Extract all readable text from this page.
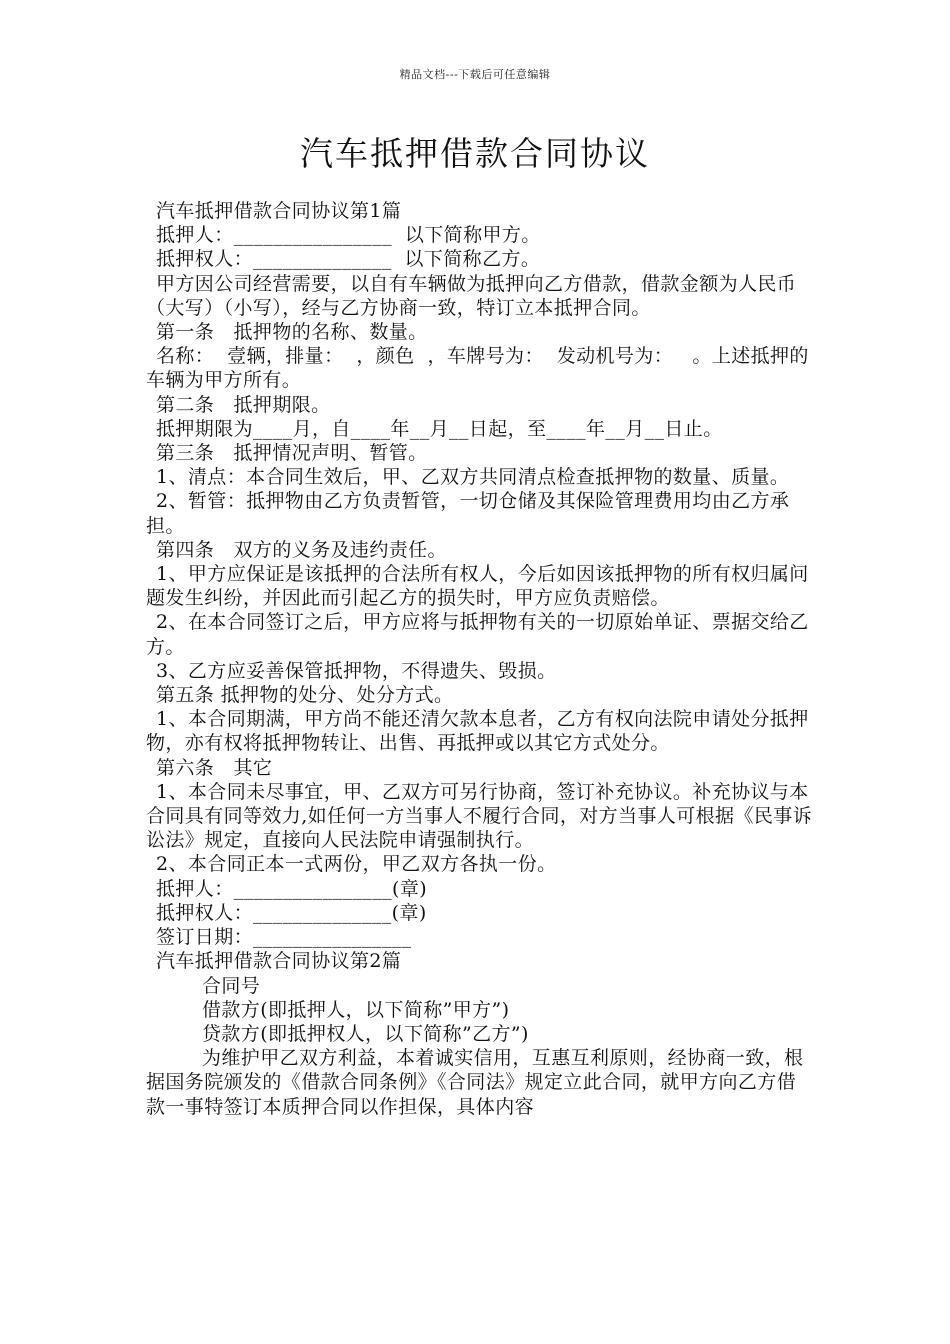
精品文档---下载后可任意编辑
汽车抵押借款合同协议

汽车抵押借款合同协议第1篇

抵押人：________________  以下简称甲方。

抵押权人：______________  以下简称乙方。

甲方因公司经营需要，以自有车辆做为抵押向乙方借款，借款金额为人民币（大写）（小写），经与乙方协商一致，特订立本抵押合同。

第一条   抵押物的名称、数量。

名称：  壹辆，排量：  ，颜色  ，车牌号为：  发动机号为：   。上述抵押的车辆为甲方所有。

第二条   抵押期限。

抵押期限为____月，自____年__月__日起，至____年__月__日止。

第三条   抵押情况声明、暂管。

1、清点：本合同生效后，甲、乙双方共同清点检查抵押物的数量、质量。

2、暂管：抵押物由乙方负责暂管，一切仓储及其保险管理费用均由乙方承担。

第四条   双方的义务及违约责任。

1、甲方应保证是该抵押的合法所有权人，今后如因该抵押物的所有权归属问题发生纠纷，并因此而引起乙方的损失时，甲方应负责赔偿。

2、在本合同签订之后，甲方应将与抵押物有关的一切原始单证、票据交给乙方。

3、乙方应妥善保管抵押物，不得遗失、毁损。

第五条 抵押物的处分、处分方式。

1、本合同期满，甲方尚不能还清欠款本息者，乙方有权向法院申请处分抵押物，亦有权将抵押物转让、出售、再抵押或以其它方式处分。

第六条   其它

1、本合同未尽事宜，甲、乙双方可另行协商，签订补充协议。补充协议与本合同具有同等效力,如任何一方当事人不履行合同，对方当事人可根据《民事诉讼法》规定，直接向人民法院申请强制执行。

2、本合同正本一式两份，甲乙双方各执一份。

抵押人：________________(章)

抵押权人：______________(章)

签订日期：________________

汽车抵押借款合同协议第2篇

合同号

借款方(即抵押人，以下简称”甲方”)

贷款方(即抵押权人，以下简称”乙方”)

为维护甲乙双方利益，本着诚实信用，互惠互利原则，经协商一致，根据国务院颁发的《借款合同条例》《合同法》规定立此合同，就甲方向乙方借款一事特签订本质押合同以作担保，具体内容
